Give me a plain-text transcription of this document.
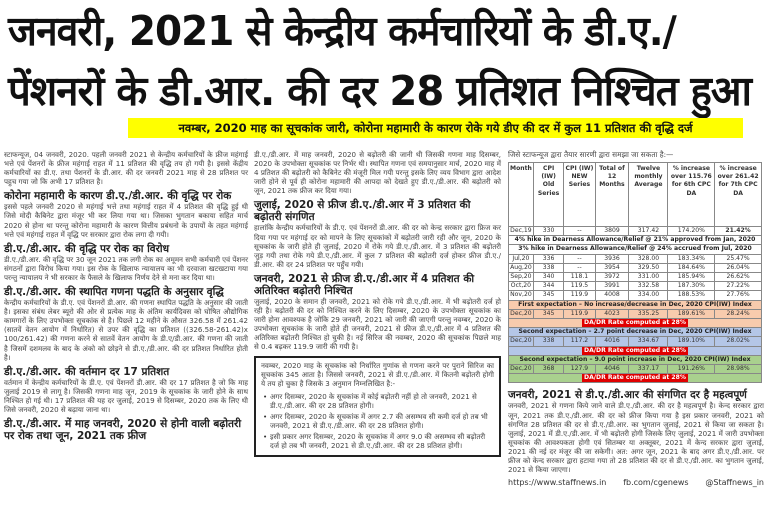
जनवरी, 2021 से केन्द्रीय कर्मचारियों के डी.ए./
पेंशनरों के डी.आर. की दर 28 प्रतिशत निश्चित हुआ
नवम्बर, 2020 माह का सूचकांक जारी, कोरोना महामारी के कारण रोके गये डीए की दर में कुल 11 प्रतिशत की वृद्धि दर्ज

स्टाफन्यूज, 04 जनवरी, 2020. पहली जनवरी 2021 से केन्द्रीय कर्मचारियों के फ्रीज महंगाई भत्ते एवं पेंशनरों के फ्रीज महंगाई राहत में 11 प्रतिशत की वृद्धि तय हो गयी है। इससे केंद्रीय कर्मचारियों का डी.ए. तथा पेंशनरों के डी.आर. की दर जनवरी 2021 माह से 28 प्रतिशत पर पहुच गया जो कि अभी 17 प्रतिशत है।

कोरोना महामारी के कारण डी.ए./डी.आर. की वृद्धि पर रोक

इससे पहले जनवरी 2020 से महंगाई भत्ते तथा महंगाई राहत में 4 प्रतिशत की वृद्धि हुई थी जिसे मोदी कैबिनेट द्वारा मंजूर भी कर लिया गया था। जिसका भुगतान बकाया सहित मार्च 2020 से होना था परन्तु कोरोना महामारी के कारण वित्तीय प्रबंधनो के उपायों के तहत महंगाई भत्ते एवं महंगाई राहत में वृद्धि पर सरकार द्वारा रोक लगा दी गयी।

डी.ए./डी.आर. की वृद्धि पर रोक का विरोध

डी.ए./डी.आर. की वृद्धि पर 30 जून 2021 तक लगी रोक का अमूमन सभी कर्मचारी एवं पेंशनर संगठनों द्वारा विरोध किया गया। इस रोक के खिलाफ न्यायालय का भी दरवाजा खटखटाया गया परन्तु न्यायालय ने भी सरकार के फैसले के खिलाफ निर्णय देने से मना कर दिया था।

डी.ए./डी.आर. की स्थापित गणना पद्धति के अनुसार वृद्धि

केन्द्रीय कर्मचारियों के डी.ए. एवं पेंशनरों डी.आर. की गणना स्थापित पद्धति के अनुसार की जाती है। इसका संबंध लेबर ब्यूरो की ओर से प्रत्येक माह के अंतिम कार्यदिवस को घोषित औद्योगिक कामगारों के लिए उपभोक्ता सूचकांक से है। पिछले 12 महीने के औसत 326.58 में 261.42 (सातवें वेतन आयोग में निर्धारित) से उपर की वृद्धि का प्रतिशत ((326.58-261.42)x 100/261.42) की गणना करने से सातवें वेतन आयोग के डी.ए/डी.आर. की गणना की जाती है जिसमें दशमलव के बाद के अंको को छोड़ने से डी.ए./डी.आर. की दर प्रतिशत निर्धारित होती है।

डी.ए./डी.आर. की वर्तमान दर 17 प्रतिशत

वर्तमान में केन्द्रीय कर्मचारियों के डी.ए. एवं पेंशनरों डी.आर. की दर 17 प्रतिशत है जो कि माह जुलाई 2019 से लागू है। जिसकी गणना माह जून, 2019 के सूचकांक के जारी होने के साथ निश्चित हो गई थी। 17 प्रतिशत की यह दर जुलाई, 2019 से दिसम्बर, 2020 तक के लिए थी जिसे जनवरी, 2020 से बढ़ाया जाना था।

डी.ए./डी.आर. में माह जनवरी, 2020 से होनी वाली बढ़ोतरी पर रोक तथा जून, 2021 तक फ्रीज

डी.ए./डी.आर. में माह जनवरी, 2020 से बढ़ोतरी की जानी थी जिसकी गणना माह दिसम्बर, 2020 के उपभोक्ता सूचकांक पर निर्भर थी। स्थापित गणना एवं समयानुसार मार्च, 2020 माह में 4 प्रतिशत की बढ़ोतरी को कैबिनेट की मंजूरी मिल गयी परन्तु इसके लिए व्यय विभाग द्वारा आदेश जारी होने से पूर्व ही कोरोना महामारी की आपदा को देखते हुए डी.ए./डी.आर. की बढ़ोतरी को जून, 2021 तक फ्रीज कर दिया गया।

जुलाई, 2020 से फ्रीज डी.ए./डी.आर में 3 प्रतिशत की बढ़ोतरी संगणित

हालांकि केन्द्रीय कर्मचारियों के डी.ए. एवं पेंशनरों डी.आर. की दर को केन्द्र सरकार द्वारा फ्रिज कर दिया गया पर महंगाई दर को मापने के लिए सूचकांको में बढ़ोतरी जारी रही और जून, 2020 के सूचकांक के जारी होते ही जुलाई, 2020 में रोके गये डी.ए./डी.आर. में 3 प्रतिशत की बढ़ोतरी जुड़ गयी तथा रोके गये डी.ए./डी.आर. में कुल 7 प्रतिशत की बढ़ोतरी दर्ज होकर फ्रीज डी.ए./डी.आर. की दर 24 प्रतिशत पर पहुँच गयी।

जनवरी, 2021 से फ्रीज डी.ए./डी.आर में 4 प्रतिशत की अतिरिक्त बढ़ोतरी निश्चित

जुलाई, 2020 के समान ही जनवरी, 2021 को रोके गये डी.ए./डी.आर. में भी बढ़ोतरी दर्ज हो रही है। बढ़ोतरी की दर को निश्चित करने के लिए दिसम्बर, 2020 के उपभोक्ता सूचकांक का जारी होना आवश्यक है जोकि 29 जनवरी, 2021 को जारी की जाएगी परन्तु नवम्बर, 2020 के उपभोक्ता सूचकांक के जारी होते ही जनवरी, 2021 से फ्रीज डी.ए./डी.आर में 4 प्रतिशत की अतिरिक्त बढ़ोतरी निश्चित हो चुकी है। नई सिरिज की नवम्बर, 2020 की सूचकांक पिछले माह से 0.4 बढ़कर 119.9 जारी की गयी है।

नवम्बर, 2020 माह के सूचकांक को निर्धारित गुणांक से गणना करने पर पुराने सिरिज का सूचकांक 345 आता है। जिससे जनवरी, 2021 से डी.ए./डी.आर. में कितनी बढ़ोतरी होगी ये तय हो चुका है जिसके 3 अनुमान निम्नलिखित है:-

• अगर दिसम्बर, 2020 के सूचकांक में कोई बढ़ोतरी नहीं हो तो जनवरी, 2021 से डी.ए./डी.आर. की दर 28 प्रतिशत होगी।
• अगर दिसम्बर, 2020 के सूचकांक में अगर 2.7 की असम्भव सी कमी दर्ज हो तब भी जनवरी, 2021 से डी.ए./डी.आर. की दर 28 प्रतिशत होगी।
• इसी प्रकार अगर दिसम्बर, 2020 के सूचकांक में अगर 9.0 की असम्भव सी बढ़ोतरी दर्ज हो तब भी जनवरी, 2021 से डी.ए./डी.आर. की दर 28 प्रतिशत होगी।
जिसे स्टाफन्यूज द्वारा तैयार सारणी द्वारा समझा जा सकता है:—
Month	CPI (IW) Old Series	CPI (IW) NEW Series	Total of 12 Months	Twelve monthly Average	% increase over 115.76 for 6th CPC DA	% increase over 261.42 for 7th CPC DA
Dec,19	330	--	3809	317.42	174.20%	21.42%
4% hike in Dearness Allowance/Relief @ 21% approved from Jan, 2020						
3% hike in Dearness Allowance/Relief @ 24% accrued from Jul, 2020						
Jul,20	336	--	3936	328.00	183.34%	25.47%
Aug,20	338	--	3954	329.50	184.64%	26.04%
Sep,20	340	118.1	3972	331.00	185.94%	26.62%
Oct,20	344	119.5	3991	332.58	187.30%	27.22%
Nov,20	345	119.9	4008	334.00	188.53%	27.76%
First expectation – No increase/decrease in Dec, 2020 CPI(IW) Index						
Dec,20	345	119.9	4023	335.25	189.61%	28.24%
DA/DR Rate computed at 28%						
Second expectation – 2.7 point decrease in Dec, 2020 CPI(IW) Index						
Dec,20	338	117.2	4016	334.67	189.10%	28.02%
DA/DR Rate computed at 28%						
Second expectation – 9.0 point increase in Dec, 2020 CPI(IW) Index						
Dec,20	368	127.9	4046	337.17	191.26%	28.98%
DA/DR Rate computed at 28%						
जनवरी, 2021 से डी.ए./डी.आर की संगणित दर है महत्वपूर्ण

जनवरी, 2021 से गणना किये जाने वाले डी.ए./डी.आर. की दर है महत्वपूर्ण है। केन्द सरकार द्वारा जून, 2021 तक डी.ए./डी.आर. की दर को फ्रीज किया गया है इस प्रकार जनवरी, 2021 को संगणित 28 प्रतिशत की दर से डी.ए./डी.आर. का भुगतान जुलाई, 2021 से किया जा सकता है। जुलाई, 2021 में डी.ए./डी.आर. में भी बढ़ोतरी होगी जिसके लिए जुलाई, 2021 में जारी उपभोक्ता सूचकांक की आवश्यकता होगी एवं सितम्बर या अक्तूबर, 2021 में केन्द सरकार द्वारा जुलाई, 2021 की नई दर मंजूर की जा सकेगी। अत: अगर जून, 2021 के बाद अगर डी.ए./डी.आर. पर फ्रीज को केन्द सरकार द्वारा हटाया गया तो 28 प्रतिशत की दर से डी.ए./डी.आर. का भुगतान जुलाई, 2021 से किया जाएगा।

https://www.staffnews.in fb.com/cgenews @Staffnews_in
